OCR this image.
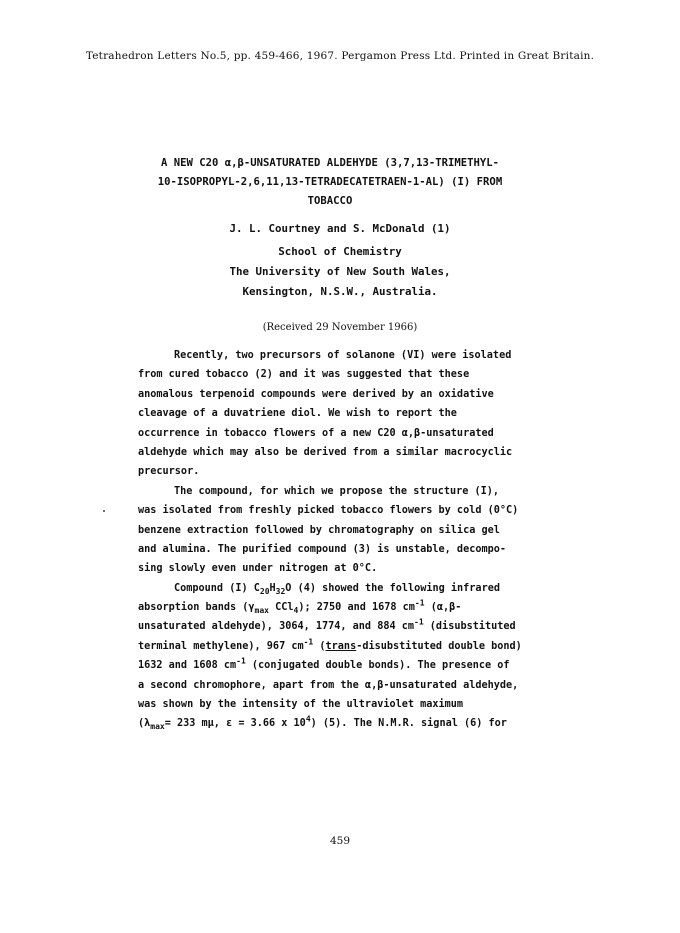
Tetrahedron Letters No.5, pp. 459-466, 1967. Pergamon Press Ltd. Printed in Great Britain.
A NEW C20 α,β-UNSATURATED ALDEHYDE (3,7,13-TRIMETHYL-
10-ISOPROPYL-2,6,11,13-TETRADECATETRAEN-1-AL) (I) FROM
TOBACCO
J. L. Courtney and S. McDonald (1)
School of Chemistry
The University of New South Wales,
Kensington, N.S.W., Australia.
(Received 29 November 1966)
Recently, two precursors of solanone (VI) were isolated
from cured tobacco (2) and it was suggested that these
anomalous terpenoid compounds were derived by an oxidative
cleavage of a duvatriene diol. We wish to report the
occurrence in tobacco flowers of a new C20 α,β-unsaturated
aldehyde which may also be derived from a similar macrocyclic
precursor.
The compound, for which we propose the structure (I),
was isolated from freshly picked tobacco flowers by cold (0°C)
benzene extraction followed by chromatography on silica gel
and alumina. The purified compound (3) is unstable, decompo-
sing slowly even under nitrogen at 0°C.
Compound (I) $C_{20}H_{32}O$ (4) showed the following infrared
absorption bands ($\gamma_{max}$ CCl$_4$); 2750 and 1678 $cm^{-1}$ (α,β-
unsaturated aldehyde), 3064, 1774, and 884 $cm^{-1}$ (disubstituted
terminal methylene), 967 $cm^{-1}$ (trans-disubstituted double bond)
1632 and 1608 $cm^{-1}$ (conjugated double bonds). The presence of
a second chromophore, apart from the α,β-unsaturated aldehyde,
was shown by the intensity of the ultraviolet maximum
($\lambda_{max}= 233$ mμ, ε = 3.66 x $10^4$) (5). The N.M.R. signal (6) for
459
